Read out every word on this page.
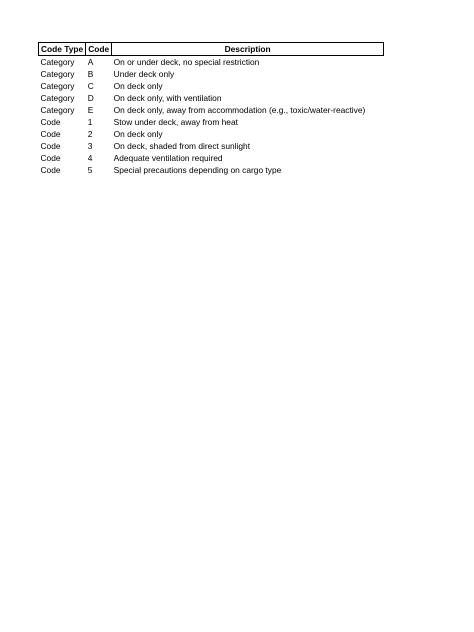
Code Type	Code	Description
Category	A	On or under deck, no special restriction
Category	B	Under deck only
Category	C	On deck only
Category	D	On deck only, with ventilation
Category	E	On deck only, away from accommodation (e.g., toxic/water-reactive)
Code	1	Stow under deck, away from heat
Code	2	On deck only
Code	3	On deck, shaded from direct sunlight
Code	4	Adequate ventilation required
Code	5	Special precautions depending on cargo type
